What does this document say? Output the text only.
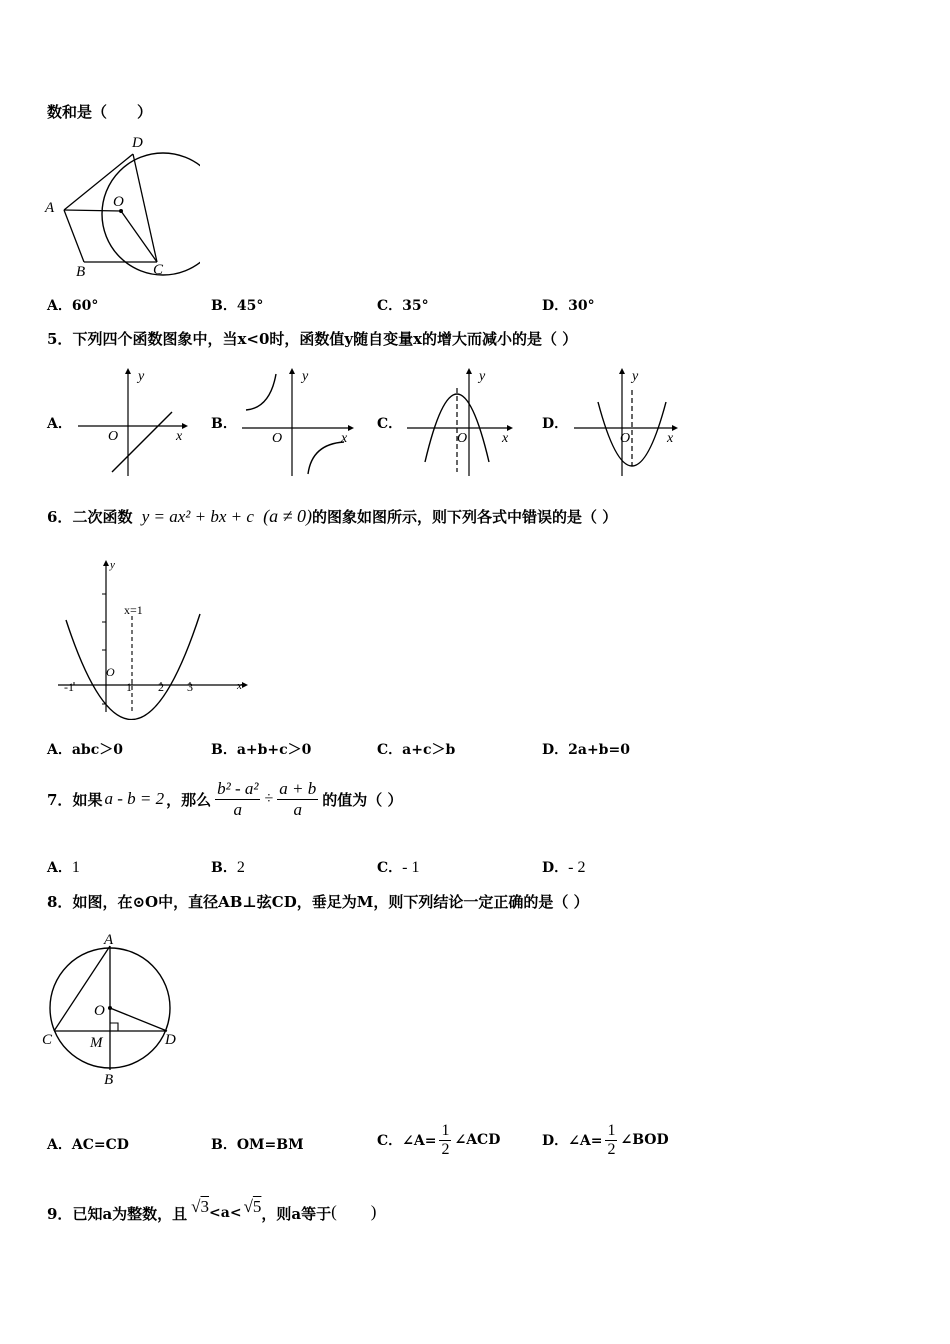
数和是（　　）
D
A	O
B	C
A．60°	B．45°	C．35°	D．30°
5．下列四个函数图象中，当x<0时，函数值y随自变量x的增大而减小的是（ ）
A．
y
x
O
B．
y
x
O
C．
y
x
O
D．
y
x
O
6．二次函数 y = ax² + bx + c (a ≠ 0)的图象如图所示，则下列各式中错误的是（ ）
x=1
y
x
O
-1	1 2 3
A．abc＞0	B．a+b+c＞0	C．a+c＞b	D．2a+b=0
7． 如果 a - b = 2 ，那么 $\frac{\text{b² - a²}}{a} \div \frac{a + b}{a}$ 的值为（ ）
A．1	B．2	C．- 1	D．- 2
8．如图，在⊙O中，直径AB⊥弦CD，垂足为M，则下列结论一定正确的是（ ）
A
O
C	D
M
B
A．AC=CD	B．OM=BM	C．∠A= $\frac{1}{2}$ ∠ACD	D．∠A= $\frac{1}{2}$ ∠BOD
9． 已知a为整数，且 √3 <a< √5 ，则a等于 (　　)
